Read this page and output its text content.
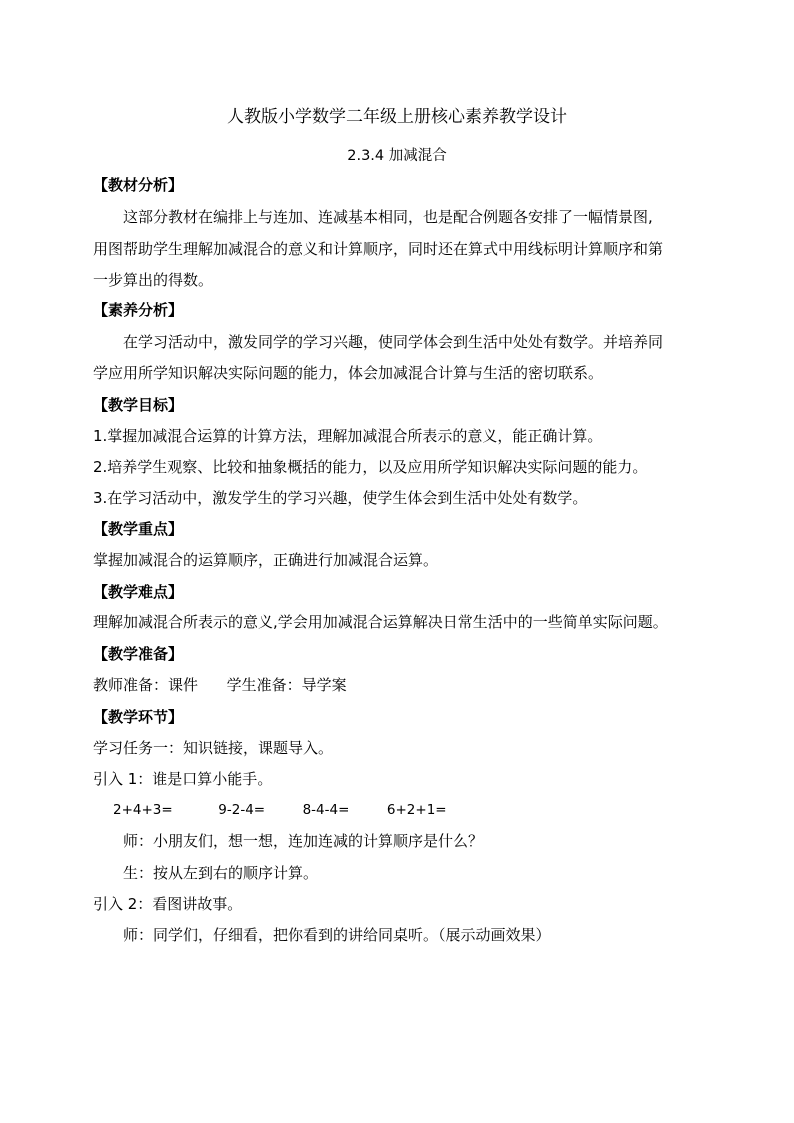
人教版小学数学二年级上册核心素养教学设计
2.3.4 加减混合
【教材分析】
这部分教材在编排上与连加、连减基本相同，也是配合例题各安排了一幅情景图,
用图帮助学生理解加减混合的意义和计算顺序，同时还在算式中用线标明计算顺序和第
一步算出的得数。
【素养分析】
在学习活动中，激发同学的学习兴趣，使同学体会到生活中处处有数学。并培养同
学应用所学知识解决实际问题的能力，体会加减混合计算与生活的密切联系。
【教学目标】
1.掌握加减混合运算的计算方法，理解加减混合所表示的意义，能正确计算。
2.培养学生观察、比较和抽象概括的能力，以及应用所学知识解决实际问题的能力。
3.在学习活动中，激发学生的学习兴趣，使学生体会到生活中处处有数学。
【教学重点】
掌握加减混合的运算顺序，正确进行加减混合运算。
【教学难点】
理解加减混合所表示的意义,学会用加减混合运算解决日常生活中的一些简单实际问题。
【教学准备】
教师准备：课件      学生准备：导学案
【教学环节】
学习任务一：知识链接，课题导入。
引入 1：谁是口算小能手。
2+4+3=	9-2-4=	8-4-4=	6+2+1=
师：小朋友们，想一想，连加连减的计算顺序是什么？
生：按从左到右的顺序计算。
引入 2：看图讲故事。
师：同学们，仔细看，把你看到的讲给同桌听。（展示动画效果）
